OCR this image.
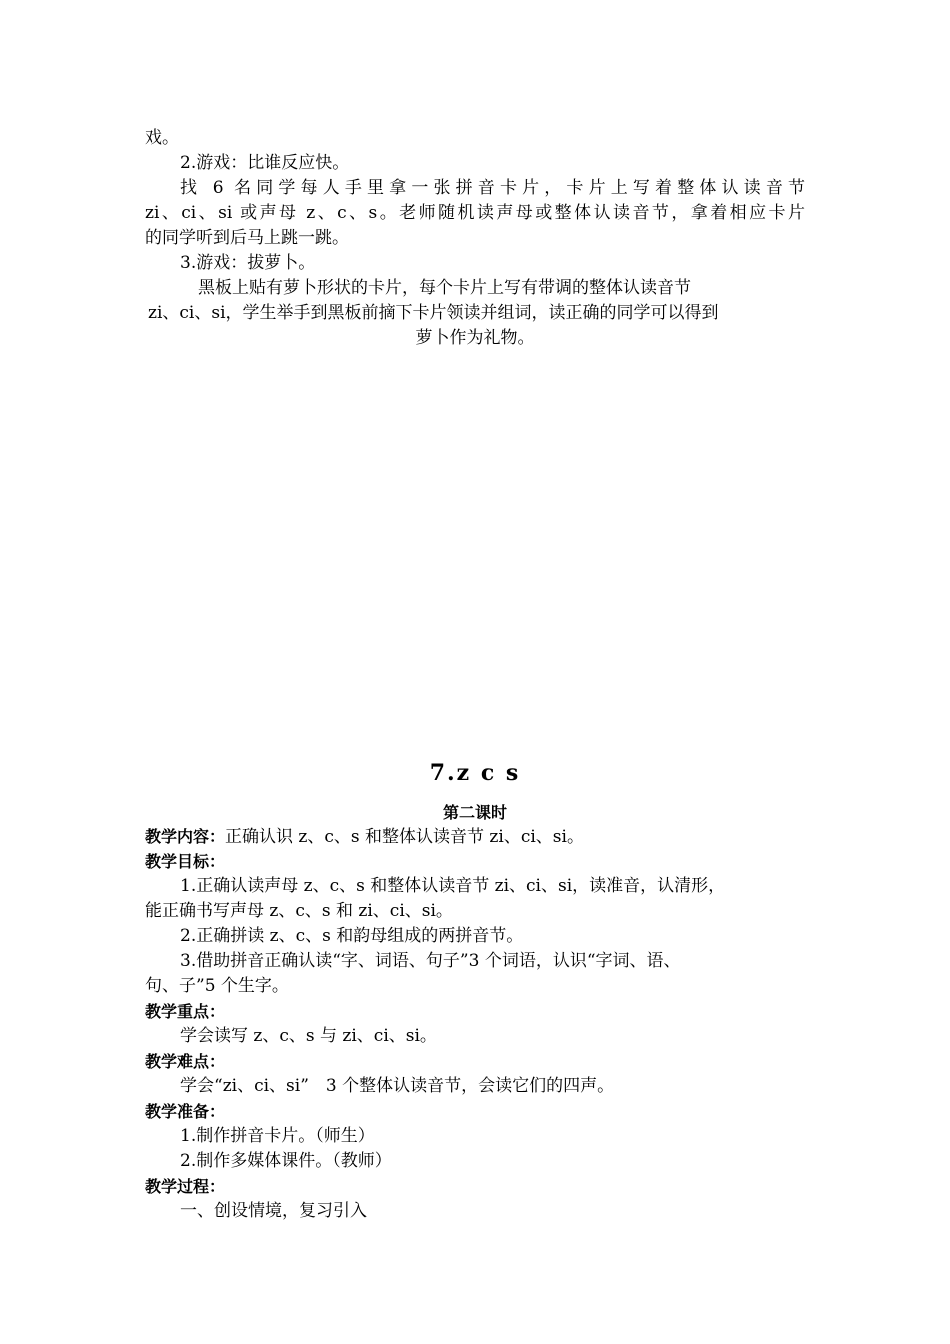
戏。
2.游戏：比谁反应快。
找 6 名同学每人手里拿一张拼音卡片，卡片上写着整体认读音节
zi、ci、si 或声母 z、c、s。老师随机读声母或整体认读音节，拿着相应卡片
的同学听到后马上跳一跳。
3.游戏：拔萝卜。
黑板上贴有萝卜形状的卡片，每个卡片上写有带调的整体认读音节
zi、ci、si，学生举手到黑板前摘下卡片领读并组词，读正确的同学可以得到
萝卜作为礼物。
7.z c s
第二课时
教学内容：正确认识 z、c、s 和整体认读音节 zi、ci、si。
教学目标：
1.正确认读声母 z、c、s 和整体认读音节 zi、ci、si，读准音，认清形，
能正确书写声母 z、c、s 和 zi、ci、si。
2.正确拼读 z、c、s 和韵母组成的两拼音节。
3.借助拼音正确认读“字、词语、句子”3 个词语，认识“字词、语、
句、子”5 个生字。
教学重点：
学会读写 z、c、s 与 zi、ci、si。
教学难点：
学会“zi、ci、si”　3 个整体认读音节，会读它们的四声。
教学准备：
1.制作拼音卡片。（师生）
2.制作多媒体课件。（教师）
教学过程：
一、创设情境，复习引入
